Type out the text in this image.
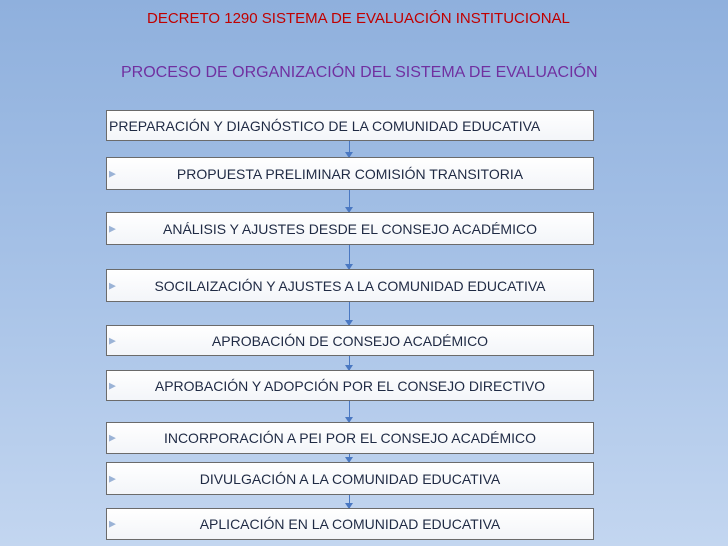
DECRETO 1290 SISTEMA DE EVALUACIÓN INSTITUCIONAL
PROCESO DE ORGANIZACIÓN DEL SISTEMA DE EVALUACIÓN
PREPARACIÓN Y DIAGNÓSTICO DE LA COMUNIDAD EDUCATIVA
▶	PROPUESTA PRELIMINAR COMISIÓN TRANSITORIA
▶	ANÁLISIS Y AJUSTES DESDE EL CONSEJO ACADÉMICO
▶	SOCILAIZACIÓN Y AJUSTES A LA COMUNIDAD EDUCATIVA
▶	APROBACIÓN DE CONSEJO ACADÉMICO
▶	APROBACIÓN Y ADOPCIÓN POR EL CONSEJO DIRECTIVO
▶	INCORPORACIÓN A PEI POR EL CONSEJO ACADÉMICO
▶	DIVULGACIÓN A LA COMUNIDAD EDUCATIVA
▶	APLICACIÓN EN LA COMUNIDAD EDUCATIVA
